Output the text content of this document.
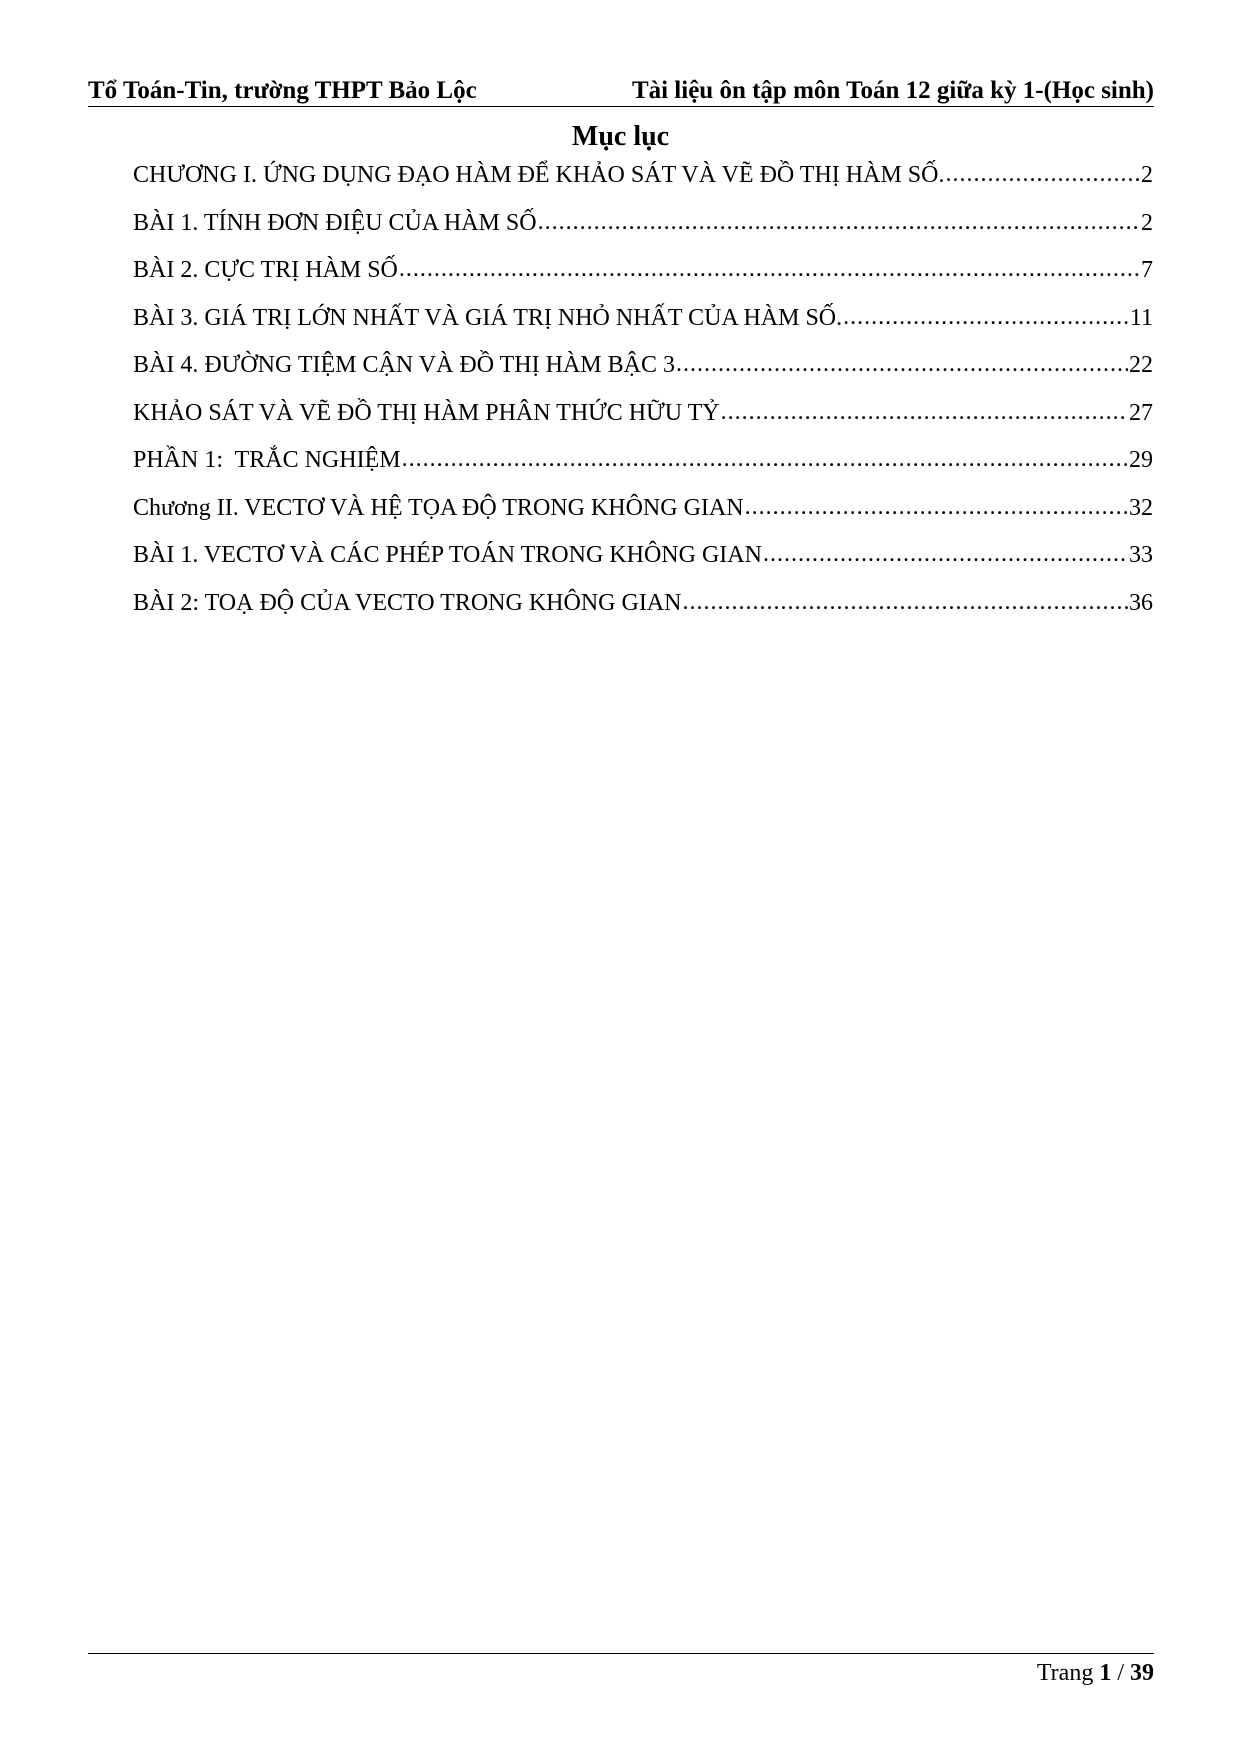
Tổ Toán-Tin, trường THPT Bảo Lộc	Tài liệu ôn tập môn Toán 12 giữa kỳ 1-(Học sinh)
Mục lục
CHƯƠNG I. ỨNG DỤNG ĐẠO HÀM ĐỂ KHẢO SÁT VÀ VẼ ĐỒ THỊ HÀM SỐ. .....	2
BÀI 1. TÍNH ĐƠN ĐIỆU CỦA HÀM SỐ .....	2
BÀI 2. CỰC TRỊ HÀM SỐ .....	7
BÀI 3. GIÁ TRỊ LỚN NHẤT VÀ GIÁ TRỊ NHỎ NHẤT CỦA HÀM SỐ. .....	11
BÀI 4. ĐƯỜNG TIỆM CẬN VÀ ĐỒ THỊ HÀM BẬC 3 .....	22
KHẢO SÁT VÀ VẼ ĐỒ THỊ HÀM PHÂN THỨC HỮU TỶ .....	27
PHẦN 1:  TRẮC NGHIỆM .....	29
Chương II. VECTƠ VÀ HỆ TỌA ĐỘ TRONG KHÔNG GIAN .....	32
BÀI 1. VECTƠ VÀ CÁC PHÉP TOÁN TRONG KHÔNG GIAN .....	33
BÀI 2: TOẠ ĐỘ CỦA VECTO TRONG KHÔNG GIAN .....	36
Trang 1 / 39
